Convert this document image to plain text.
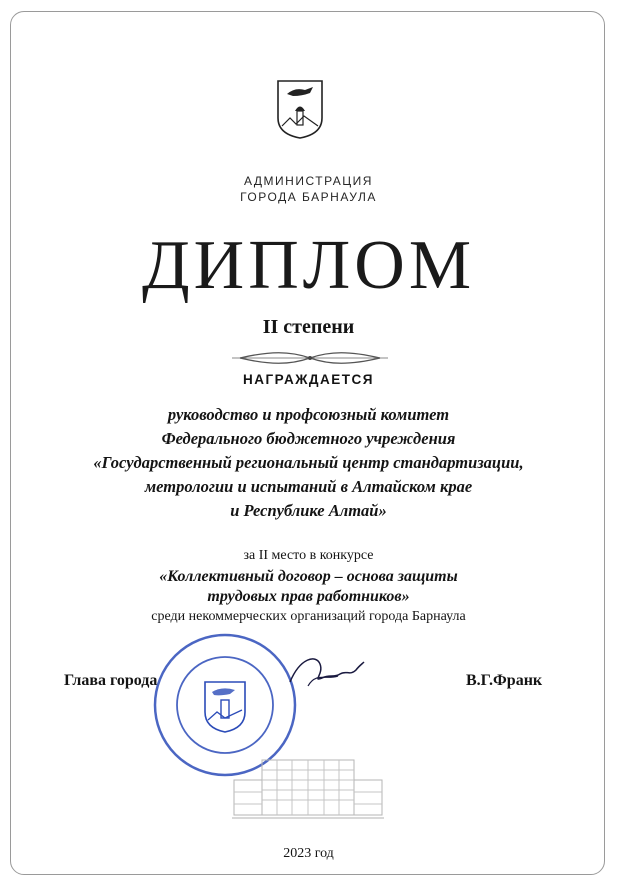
АДМИНИСТРАЦИЯ
ГОРОДА БАРНАУЛА
ДИПЛОМ
II степени
НАГРАЖДАЕТСЯ
руководство и профсоюзный комитет
Федерального бюджетного учреждения
«Государственный региональный центр стандартизации,
метрологии и испытаний в Алтайском крае
и Республике Алтай»
за II место в конкурсе
«Коллективный договор – основа защиты
трудовых прав работников»
среди некоммерческих организаций города Барнаула
Глава города	В.Г.Франк
2023 год
